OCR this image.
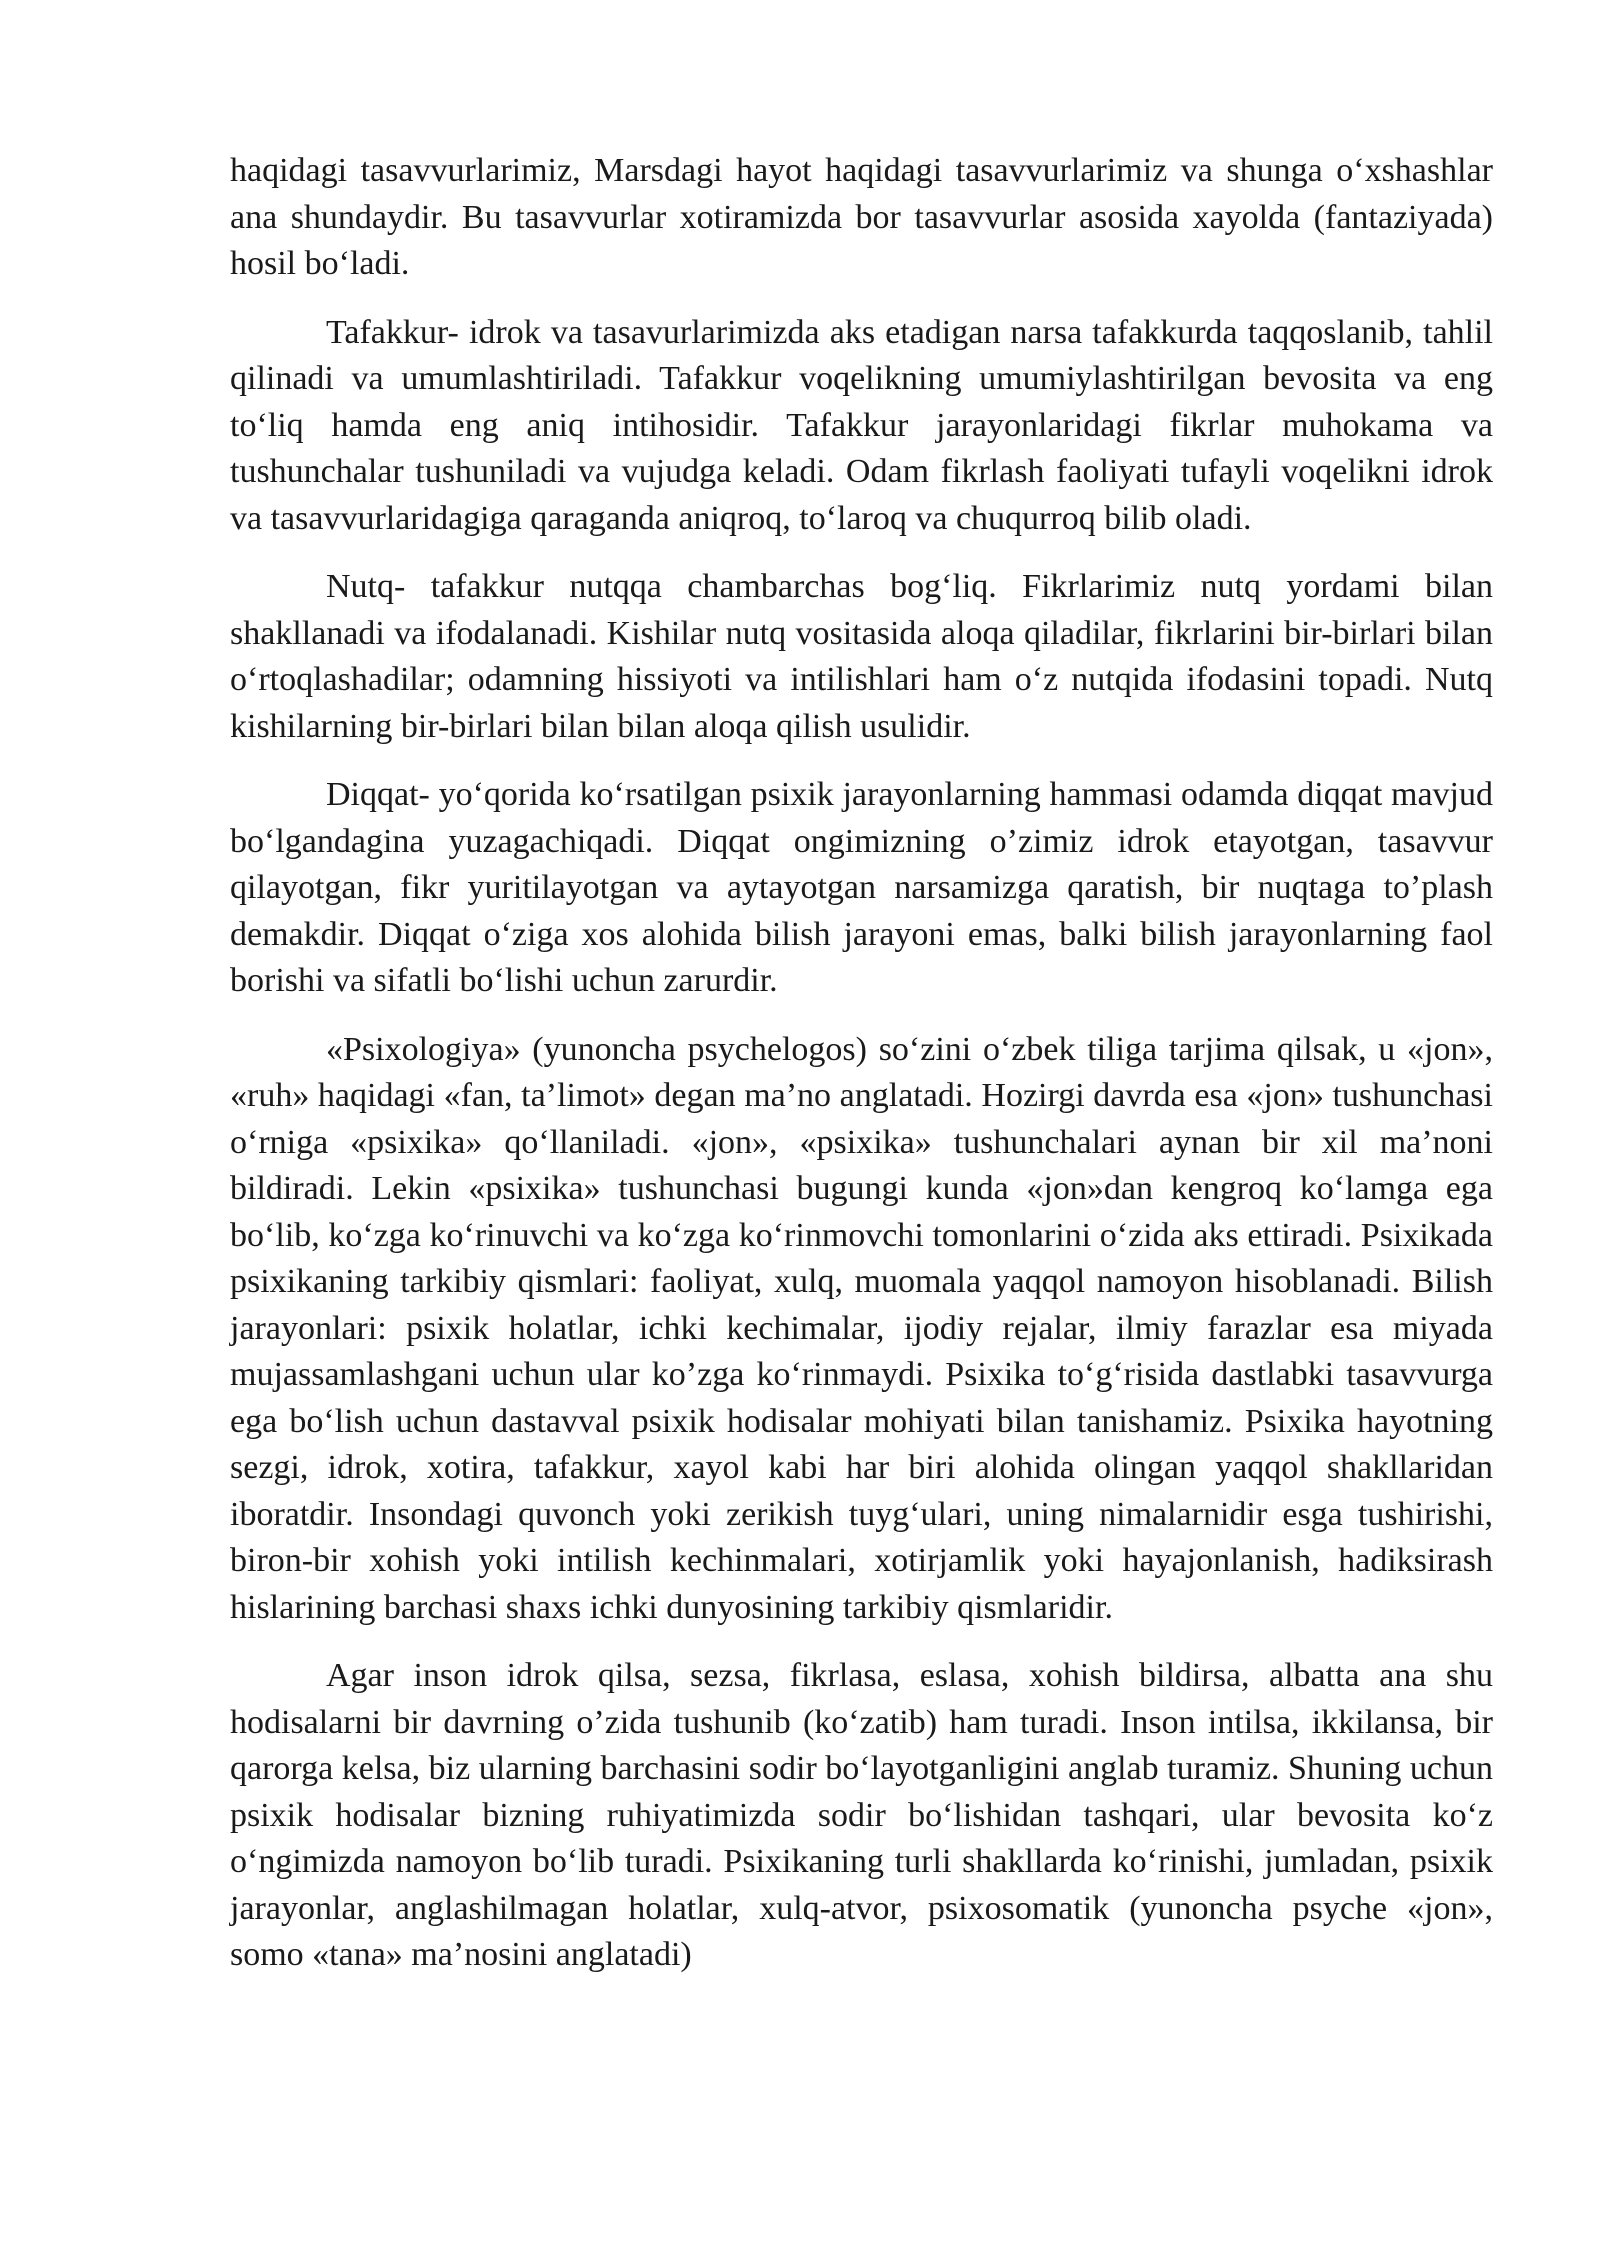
haqidagi tasavvurlarimiz, Marsdagi hayot haqidagi tasavvurlarimiz va shunga o‘xshashlar ana shundaydir. Bu tasavvurlar xotiramizda bor tasavvurlar asosida xayolda (fantaziyada) hosil bo‘ladi.

Tafakkur- idrok va tasavurlarimizda aks etadigan narsa tafakkurda taqqoslanib, tahlil qilinadi va umumlashtiriladi. Tafakkur voqelikning umumiylashtirilgan bevosita va eng to‘liq hamda eng aniq intihosidir. Tafakkur jarayonlaridagi fikrlar muhokama va tushunchalar tushuniladi va vujudga keladi. Odam fikrlash faoliyati tufayli voqelikni idrok va tasavvurlaridagiga qaraganda aniqroq, to‘laroq va chuqurroq bilib oladi.

Nutq- tafakkur nutqqa chambarchas bog‘liq. Fikrlarimiz nutq yordami bilan shakllanadi va ifodalanadi. Kishilar nutq vositasida aloqa qiladilar, fikrlarini bir-birlari bilan o‘rtoqlashadilar; odamning hissiyoti va intilishlari ham o‘z nutqida ifodasini topadi. Nutq kishilarning bir-birlari bilan bilan aloqa qilish usulidir.

Diqqat- yo‘qorida ko‘rsatilgan psixik jarayonlarning hammasi odamda diqqat mavjud bo‘lgandagina yuzagachiqadi. Diqqat ongimizning o’zimiz idrok etayotgan, tasavvur qilayotgan, fikr yuritilayotgan va aytayotgan narsamizga qaratish, bir nuqtaga to’plash demakdir. Diqqat o‘ziga xos alohida bilish jarayoni emas, balki bilish jarayonlarning faol borishi va sifatli bo‘lishi uchun zarurdir.

«Psixologiya» (yunoncha psychelogos) so‘zini o‘zbek tiliga tarjima qilsak, u «jon», «ruh» haqidagi «fan, ta’limot» degan ma’no anglatadi. Hozirgi davrda esa «jon» tushunchasi o‘rniga «psixika» qo‘llaniladi. «jon», «psixika» tushunchalari aynan bir xil ma’noni bildiradi. Lekin «psixika» tushunchasi bugungi kunda «jon»dan kengroq ko‘lamga ega bo‘lib, ko‘zga ko‘rinuvchi va ko‘zga ko‘rinmovchi tomonlarini o‘zida aks ettiradi. Psixikada psixikaning tarkibiy qismlari: faoliyat, xulq, muomala yaqqol namoyon hisoblanadi. Bilish jarayonlari: psixik holatlar, ichki kechimalar, ijodiy rejalar, ilmiy farazlar esa miyada mujassamlashgani uchun ular ko’zga ko‘rinmaydi. Psixika to‘g‘risida dastlabki tasavvurga ega bo‘lish uchun dastavval psixik hodisalar mohiyati bilan tanishamiz. Psixika hayotning sezgi, idrok, xotira, tafakkur, xayol kabi har biri alohida olingan yaqqol shakllaridan iboratdir. Insondagi quvonch yoki zerikish tuyg‘ulari, uning nimalarnidir esga tushirishi, biron-bir xohish yoki intilish kechinmalari, xotirjamlik yoki hayajonlanish, hadiksirash hislarining barchasi shaxs ichki dunyosining tarkibiy qismlaridir.

Agar inson idrok qilsa, sezsa, fikrlasa, eslasa, xohish bildirsa, albatta ana shu hodisalarni bir davrning o’zida tushunib (ko‘zatib) ham turadi. Inson intilsa, ikkilansa, bir qarorga kelsa, biz ularning barchasini sodir bo‘layotganligini anglab turamiz. Shuning uchun psixik hodisalar bizning ruhiyatimizda sodir bo‘lishidan tashqari, ular bevosita ko‘z o‘ngimizda namoyon bo‘lib turadi. Psixikaning turli shakllarda ko‘rinishi, jumladan, psixik jarayonlar, anglashilmagan holatlar, xulq-atvor, psixosomatik (yunoncha psyche «jon», somo «tana» ma’nosini anglatadi)
